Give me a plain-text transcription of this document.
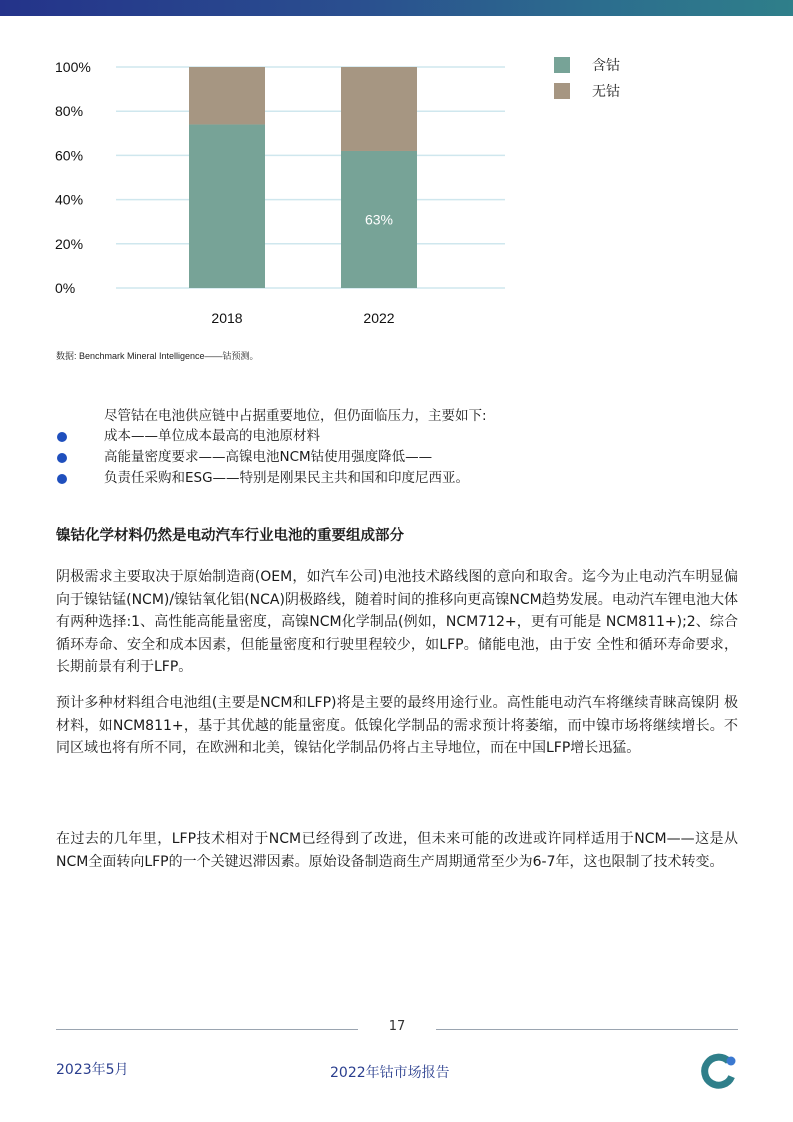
0%
20%
40%
60%
80%
100%
2018
63%
2022
含钴
无钴
数据: Benchmark Mineral Intelligence——钴预测。
尽管钴在电池供应链中占据重要地位，但仍面临压力，主要如下:
成本——单位成本最高的电池原材料
高能量密度要求——高镍电池NCM钴使用强度降低——
负责任采购和ESG——特别是刚果民主共和国和印度尼西亚。
镍钴化学材料仍然是电动汽车行业电池的重要组成部分

阴极需求主要取决于原始制造商(OEM，如汽车公司)电池技术路线图的意向和取舍。迄今为止电动汽车明显偏向于镍钴锰(NCM)/镍钴氧化铝(NCA)阴极路线，随着时间的推移向更高镍NCM趋势发展。电动汽车锂电池大体有两种选择:1、高性能高能量密度，高镍NCM化学制品(例如，NCM712+，更有可能是 NCM811+);2、综合循环寿命、安全和成本因素，但能量密度和行驶里程较少，如LFP。储能电池，由于安 全性和循环寿命要求，长期前景有利于LFP。

预计多种材料组合电池组(主要是NCM和LFP)将是主要的最终用途行业。高性能电动汽车将继续青睐高镍阴 极材料，如NCM811+，基于其优越的能量密度。低镍化学制品的需求预计将萎缩，而中镍市场将继续增长。不同区域也将有所不同，在欧洲和北美，镍钴化学制品仍将占主导地位，而在中国LFP增长迅猛。

在过去的几年里，LFP技术相对于NCM已经得到了改进，但未来可能的改进或许同样适用于NCM——这是从NCM全面转向LFP的一个关键迟滞因素。原始设备制造商生产周期通常至少为6-7年，这也限制了技术转变。

17
2023年5月	2022年钴市场报告
